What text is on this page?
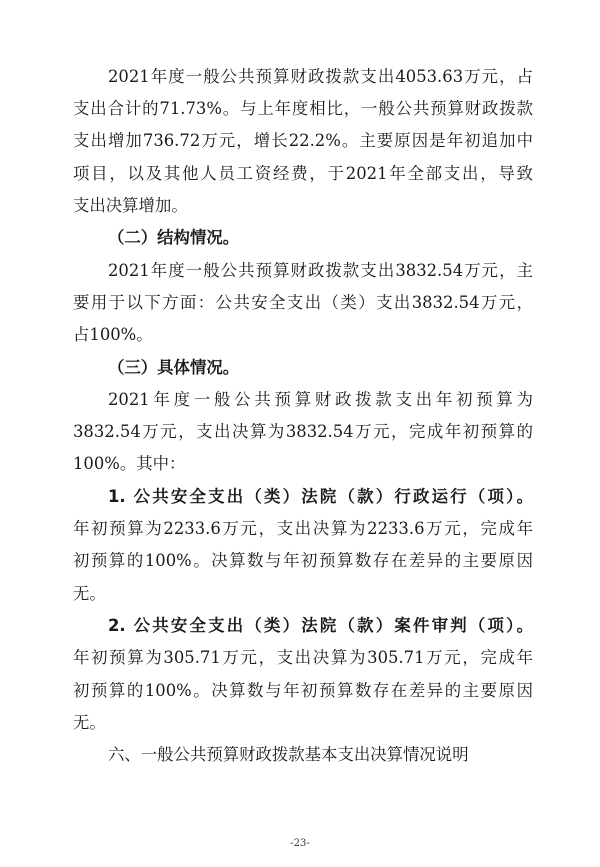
2021年度一般公共预算财政拨款支出4053.63万元，占
支出合计的71.73%。与上年度相比，一般公共预算财政拨款
支出增加736.72万元，增长22.2%。主要原因是年初追加中
项目，以及其他人员工资经费，于2021年全部支出，导致
支出决算增加。
（二）结构情况。
2021年度一般公共预算财政拨款支出3832.54万元，主
要用于以下方面：公共安全支出（类）支出3832.54万元，
占100%。
（三）具体情况。
2021年度一般公共预算财政拨款支出年初预算为
3832.54万元，支出决算为3832.54万元，完成年初预算的
100%。其中：
1. 公共安全支出（类）法院（款）行政运行（项）。
年初预算为2233.6万元，支出决算为2233.6万元，完成年
初预算的100%。决算数与年初预算数存在差异的主要原因
无。
2. 公共安全支出（类）法院（款）案件审判（项）。
年初预算为305.71万元，支出决算为305.71万元，完成年
初预算的100%。决算数与年初预算数存在差异的主要原因
无。
六、一般公共预算财政拨款基本支出决算情况说明
-23-
